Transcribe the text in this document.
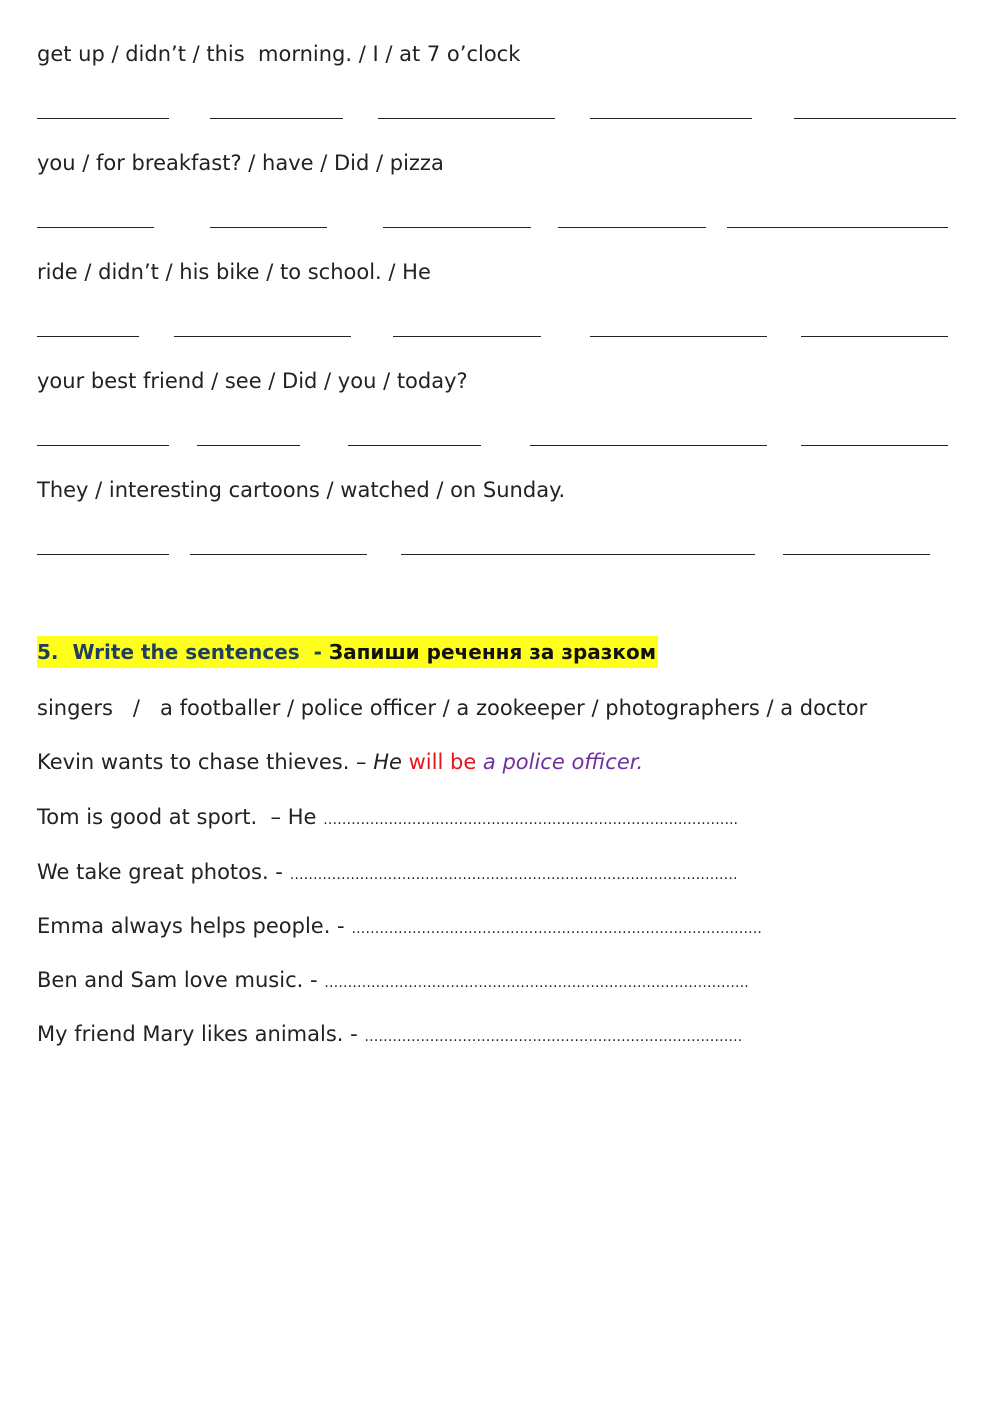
get up / didn’t / this  morning. / I / at 7 o’clock
you / for breakfast? / have / Did / pizza
ride / didn’t / his bike / to school. / He
your best friend / see / Did / you / today?
They / interesting cartoons / watched / on Sunday.
5. Write the sentences  - Запиши речення за зразком
singers   /   a footballer / police officer / a zookeeper / photographers / a doctor
Kevin wants to chase thieves. – He will be a police officer.
Tom is good at sport.  – He ……………………………………………………………………………..
We take great photos. - ……………………………………………………………………………………
Emma always helps people. - …………………………………………………………………………….
Ben and Sam love music. - ……………………………………………………………………………….
My friend Mary likes animals. - ………………………………………………………………………
